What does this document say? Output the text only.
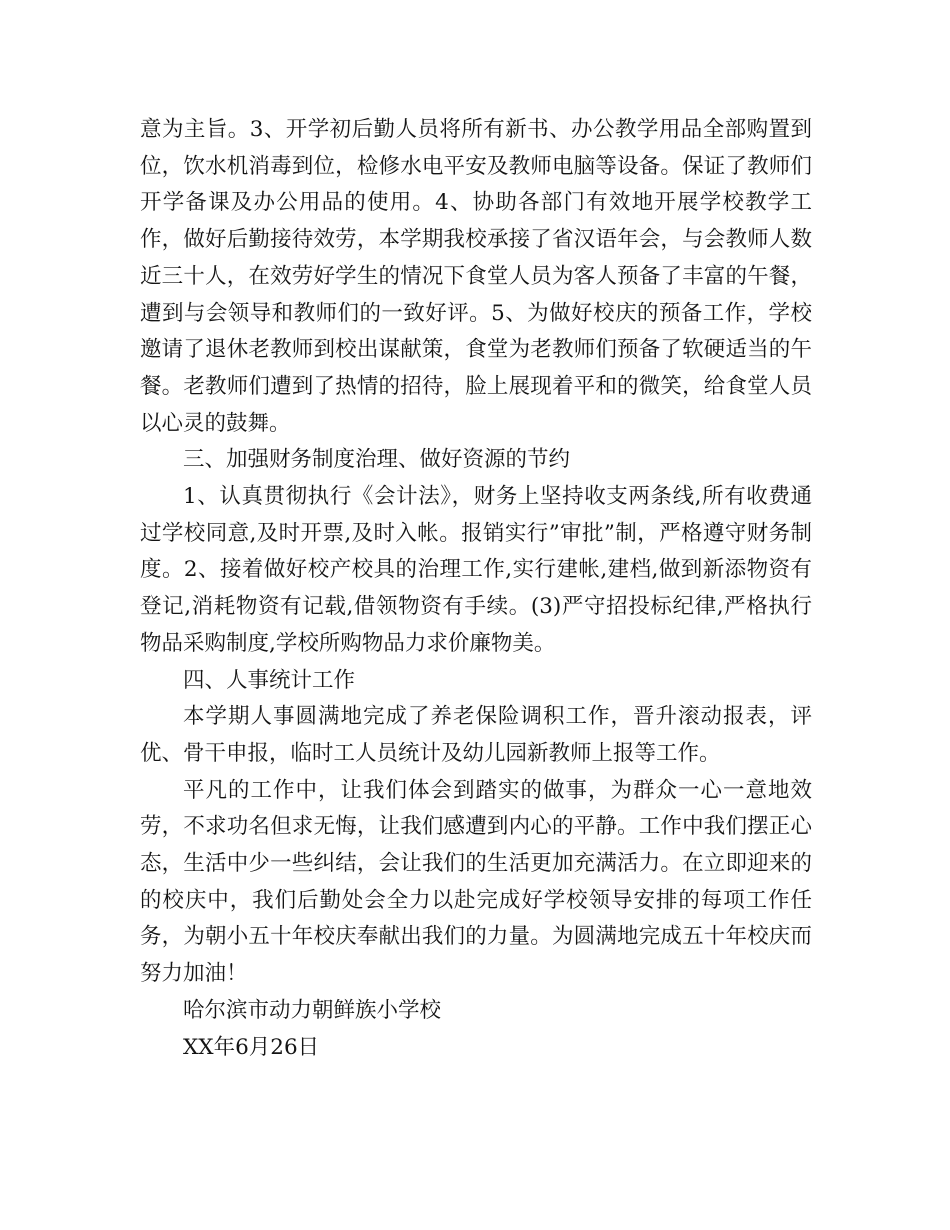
意为主旨。3、开学初后勤人员将所有新书、办公教学用品全部购置到位，饮水机消毒到位，检修水电平安及教师电脑等设备。保证了教师们开学备课及办公用品的使用。4、协助各部门有效地开展学校教学工作，做好后勤接待效劳，本学期我校承接了省汉语年会，与会教师人数近三十人，在效劳好学生的情况下食堂人员为客人预备了丰富的午餐，遭到与会领导和教师们的一致好评。5、为做好校庆的预备工作，学校邀请了退休老教师到校出谋献策，食堂为老教师们预备了软硬适当的午餐。老教师们遭到了热情的招待，脸上展现着平和的微笑，给食堂人员以心灵的鼓舞。

三、加强财务制度治理、做好资源的节约

1、认真贯彻执行《会计法》，财务上坚持收支两条线,所有收费通过学校同意,及时开票,及时入帐。报销实行”审批”制，严格遵守财务制度。2、接着做好校产校具的治理工作,实行建帐,建档,做到新添物资有登记,消耗物资有记载,借领物资有手续。(3)严守招投标纪律,严格执行物品采购制度,学校所购物品力求价廉物美。

四、人事统计工作

本学期人事圆满地完成了养老保险调积工作，晋升滚动报表，评优、骨干申报，临时工人员统计及幼儿园新教师上报等工作。

平凡的工作中，让我们体会到踏实的做事，为群众一心一意地效劳，不求功名但求无悔，让我们感遭到内心的平静。工作中我们摆正心态，生活中少一些纠结，会让我们的生活更加充满活力。在立即迎来的的校庆中，我们后勤处会全力以赴完成好学校领导安排的每项工作任务，为朝小五十年校庆奉献出我们的力量。为圆满地完成五十年校庆而努力加油！

哈尔滨市动力朝鲜族小学校

XX年6月26日
